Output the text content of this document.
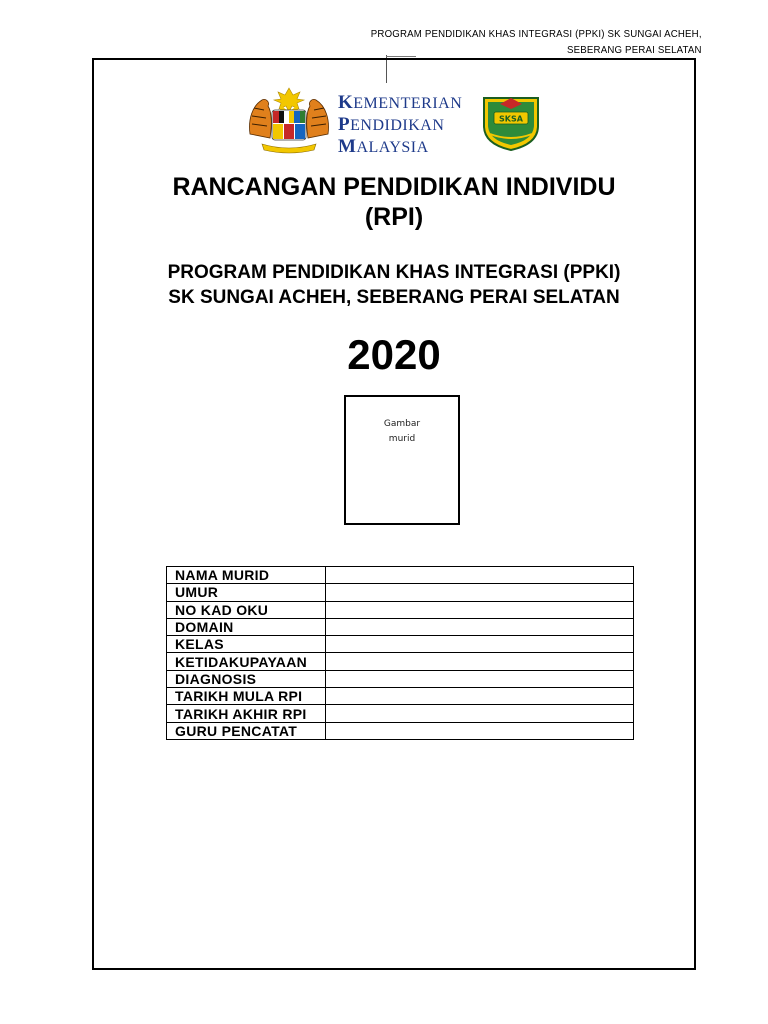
PROGRAM PENDIDIKAN KHAS INTEGRASI (PPKI) SK SUNGAI ACHEH,
SEBERANG PERAI SELATAN
KEMENTERIAN
PENDIDIKAN
MALAYSIA
SKSA
RANCANGAN PENDIDIKAN INDIVIDU
(RPI)
PROGRAM PENDIDIKAN KHAS INTEGRASI (PPKI)
SK SUNGAI ACHEH, SEBERANG PERAI SELATAN
2020
Gambar murid
NAMA MURID	
UMUR	
NO KAD OKU	
DOMAIN	
KELAS	
KETIDAKUPAYAAN	
DIAGNOSIS	
TARIKH MULA RPI	
TARIKH AKHIR RPI	
GURU PENCATAT	
